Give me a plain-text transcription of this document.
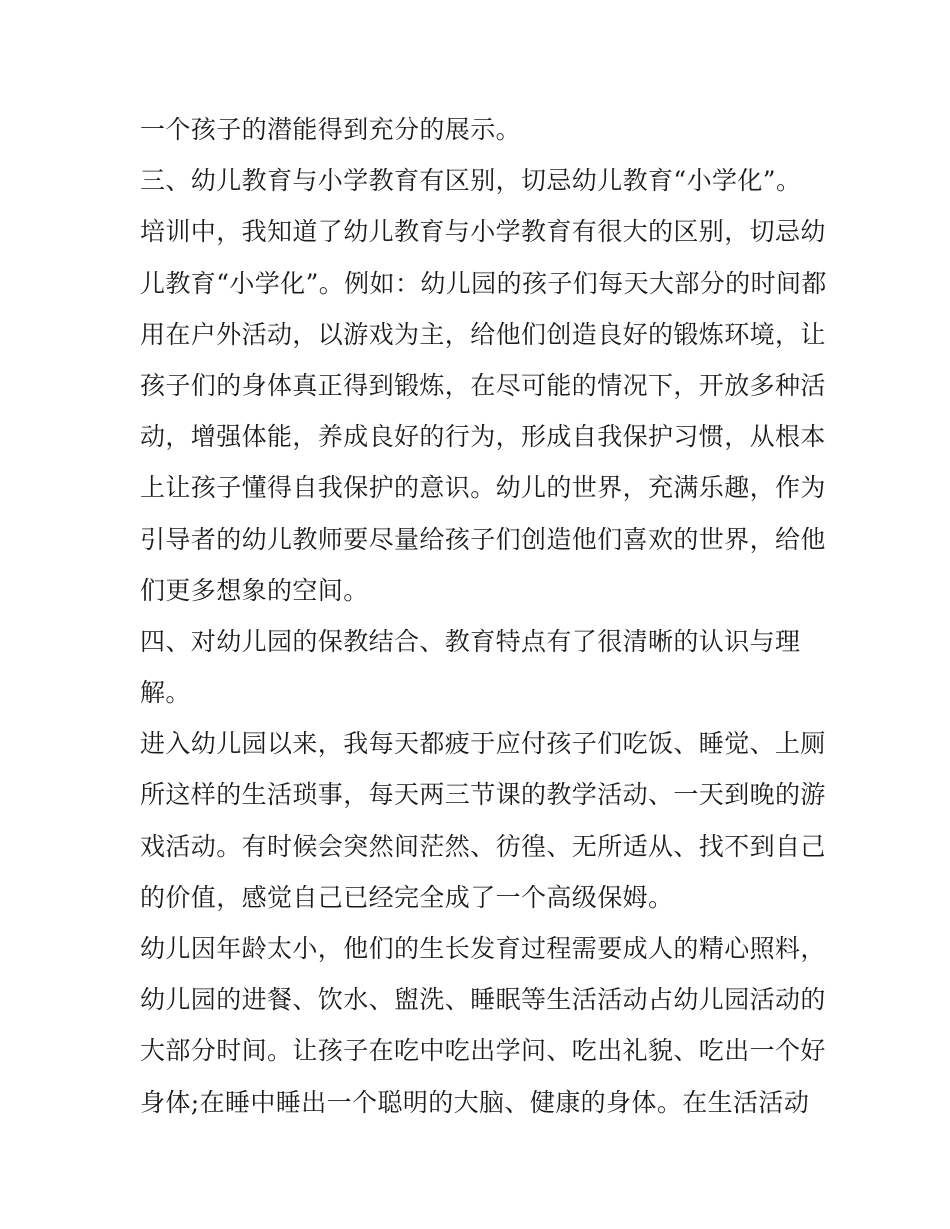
一个孩子的潜能得到充分的展示。
三、幼儿教育与小学教育有区别，切忌幼儿教育“小学化”。
培训中，我知道了幼儿教育与小学教育有很大的区别，切忌幼
儿教育“小学化”。例如：幼儿园的孩子们每天大部分的时间都
用在户外活动，以游戏为主，给他们创造良好的锻炼环境，让
孩子们的身体真正得到锻炼，在尽可能的情况下，开放多种活
动，增强体能，养成良好的行为，形成自我保护习惯，从根本
上让孩子懂得自我保护的意识。幼儿的世界，充满乐趣，作为
引导者的幼儿教师要尽量给孩子们创造他们喜欢的世界，给他
们更多想象的空间。
四、对幼儿园的保教结合、教育特点有了很清晰的认识与理
解。
进入幼儿园以来，我每天都疲于应付孩子们吃饭、睡觉、上厕
所这样的生活琐事，每天两三节课的教学活动、一天到晚的游
戏活动。有时候会突然间茫然、彷徨、无所适从、找不到自己
的价值，感觉自己已经完全成了一个高级保姆。
幼儿因年龄太小，他们的生长发育过程需要成人的精心照料，
幼儿园的进餐、饮水、盥洗、睡眠等生活活动占幼儿园活动的
大部分时间。让孩子在吃中吃出学问、吃出礼貌、吃出一个好
身体;在睡中睡出一个聪明的大脑、健康的身体。在生活活动
